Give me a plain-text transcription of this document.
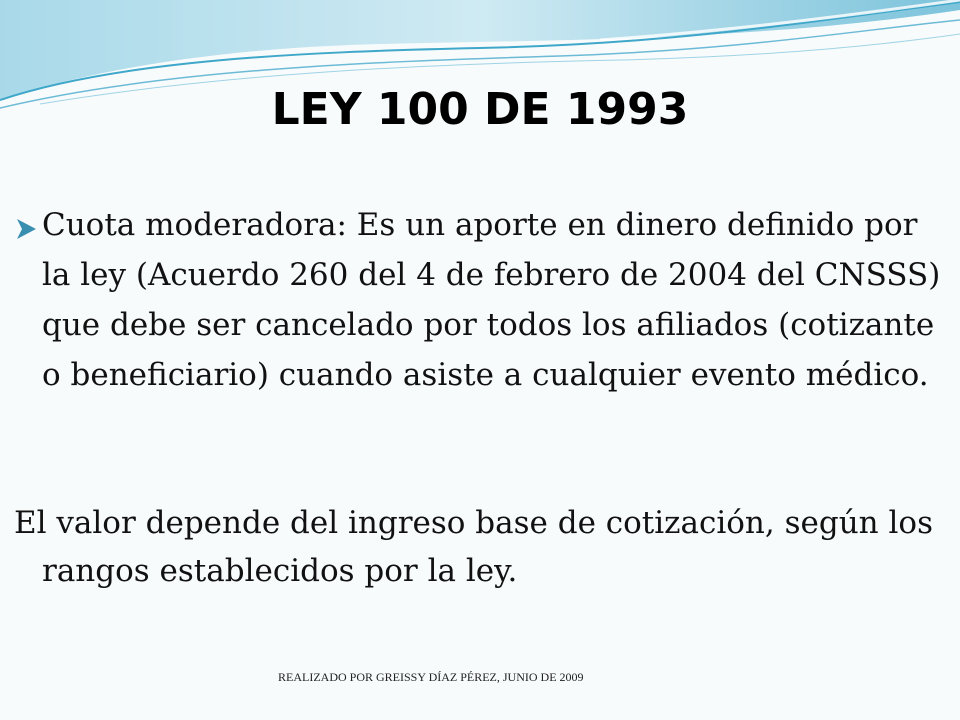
LEY 100 DE 1993
Cuota moderadora: Es un aporte en dinero definido por la ley (Acuerdo 260 del 4 de febrero de 2004 del CNSSS) que debe ser cancelado por todos los afiliados (cotizante o beneficiario) cuando asiste a cualquier evento médico.
El valor depende del ingreso base de cotización, según los rangos establecidos por la ley.
REALIZADO POR GREISSY DÍAZ PÉREZ, JUNIO DE 2009
